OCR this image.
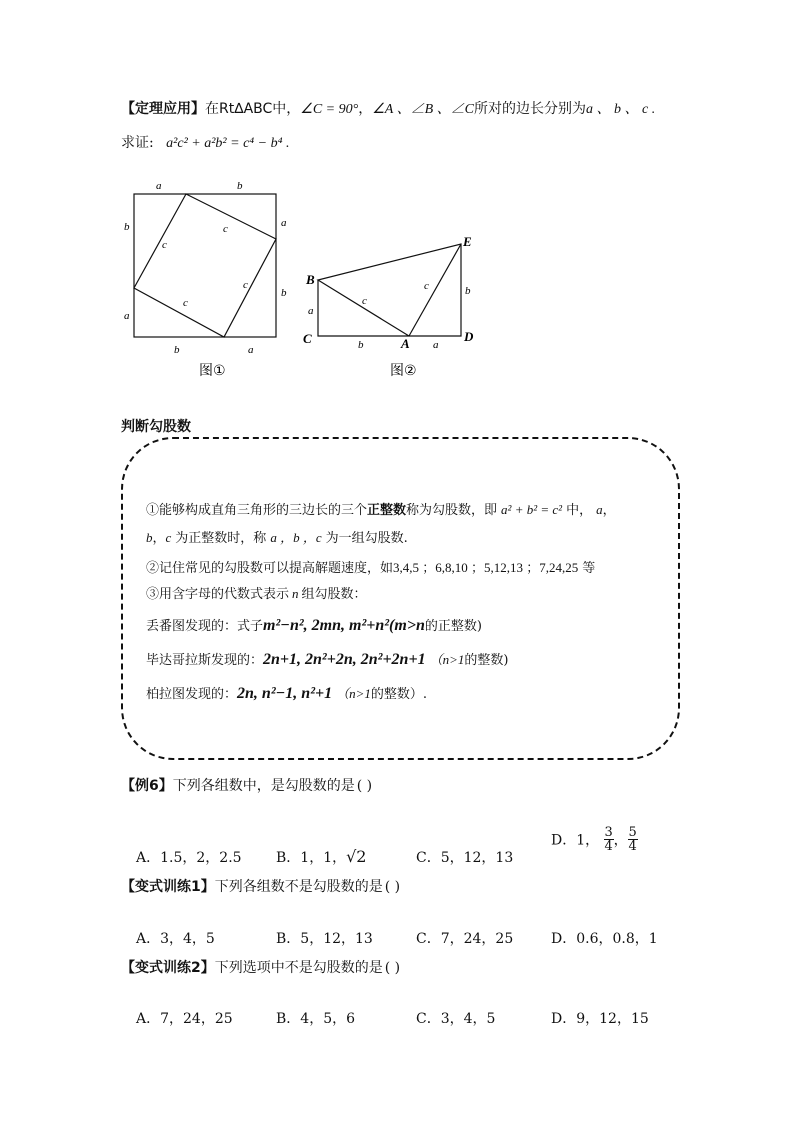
【定理应用】在Rt∆ABC中，∠C = 90°，∠A 、∠B 、∠C所对的边长分别为a 、 b 、 c .
求证: a²c² + a²b² = c⁴ − b⁴ .
a	b
b
a
a
b
b	a
c
c
c
c
图①
B
E
C	A	D
a
b
c
c
b	a
图②
判断勾股数
①能够构成直角三角形的三边长的三个正整数称为勾股数，即 a² + b² = c² 中， a，
b，c 为正整数时，称 a ，b ，c 为一组勾股数.
②记住常见的勾股数可以提高解题速度，如3,4,5 ；6,8,10 ；5,12,13 ；7,24,25 等
③用含字母的代数式表示 n 组勾股数：
丢番图发现的：式子m²−n², 2mn, m²+n²(m>n的正整数)
毕达哥拉斯发现的：2n+1, 2n²+2n, 2n²+2n+1 （n>1的整数)
柏拉图发现的：2n, n²−1, n²+1 （n>1的整数）.
【例6】下列各组数中，是勾股数的是 ( )
A．1.5，2，2.5 B．1，1，√2	C．5，12，13
D．1， $\frac{3}{4}$ ， $\frac{5}{4}$
【变式训练1】下列各组数不是勾股数的是 ( )
A．3，4，5	B．5，12，13	C．7，24，25	D．0.6，0.8，1
【变式训练2】下列选项中不是勾股数的是 ( )
A．7，24，25	B．4，5，6	C．3，4，5	D．9，12，15
